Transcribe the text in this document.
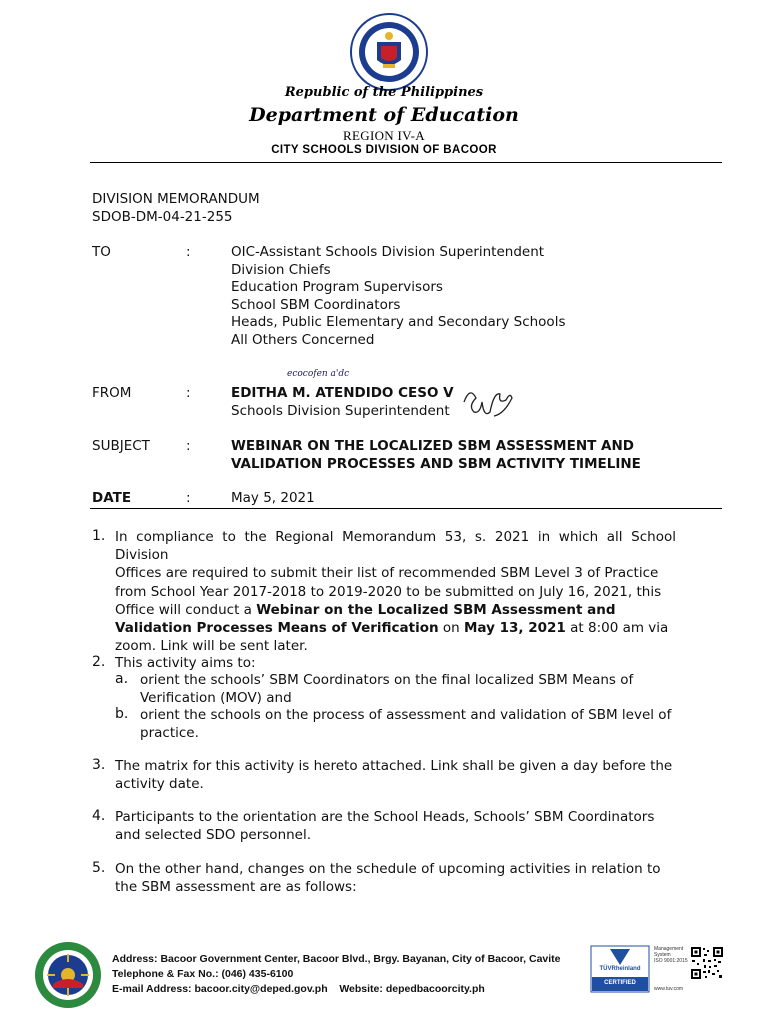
Republic of the Philippines
Department of Education
REGION IV-A
CITY SCHOOLS DIVISION OF BACOOR
DIVISION MEMORANDUM
SDOB-DM-04-21-255
TO	:	OIC-Assistant Schools Division Superintendent
Division Chiefs
Education Program Supervisors
School SBM Coordinators
Heads, Public Elementary and Secondary Schools
All Others Concerned
ecocofen a'dc
FROM	:	EDITHA M. ATENDIDO CESO V
Schools Division Superintendent
SUBJECT	:	WEBINAR ON THE LOCALIZED SBM ASSESSMENT AND
VALIDATION PROCESSES AND SBM ACTIVITY TIMELINE
DATE	:	May 5, 2021
1. In compliance to the Regional Memorandum 53, s. 2021 in which all School Division
Offices are required to submit their list of recommended SBM Level 3 of Practice
from School Year 2017-2018 to 2019-2020 to be submitted on July 16, 2021, this
Office will conduct a Webinar on the Localized SBM Assessment and
Validation Processes Means of Verification on May 13, 2021 at 8:00 am via
zoom. Link will be sent later.
2. This activity aims to:
a. orient the schools’ SBM Coordinators on the final localized SBM Means of
Verification (MOV) and
b. orient the schools on the process of assessment and validation of SBM level of
practice.
3. The matrix for this activity is hereto attached. Link shall be given a day before the
activity date.
4. Participants to the orientation are the School Heads, Schools’ SBM Coordinators
and selected SDO personnel.
5. On the other hand, changes on the schedule of upcoming activities in relation to
the SBM assessment are as follows:
Address: Bacoor Government Center, Bacoor Blvd., Brgy. Bayanan, City of Bacoor, Cavite
Telephone & Fax No.: (046) 435-6100
E-mail Address: bacoor.city@deped.gov.ph Website: depedbacoorcity.ph
TÜVRheinland
CERTIFIED
Management
System
ISO 9001:2015
www.tuv.com
